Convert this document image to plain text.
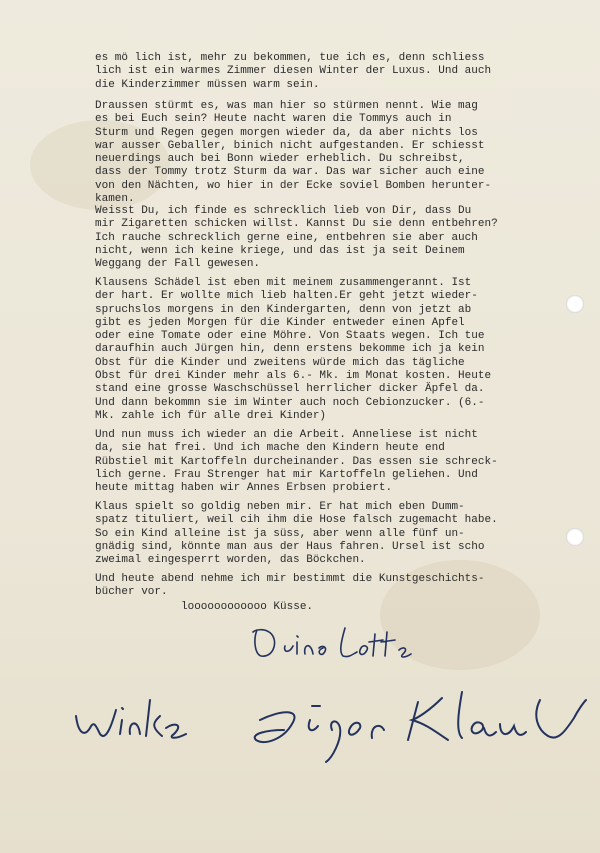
es mö lich ist, mehr zu bekommen, tue ich es, denn schliess
lich ist ein warmes Zimmer diesen Winter der Luxus. Und auch
die Kinderzimmer müssen warm sein.
Draussen stürmt es, was man hier so stürmen nennt. Wie mag
es bei Euch sein? Heute nacht waren die Tommys auch in
Sturm und Regen gegen morgen wieder da, da aber nichts los
war ausser Geballer, binich nicht aufgestanden. Er schiesst
neuerdings auch bei Bonn wieder erheblich. Du schreibst,
dass der Tommy trotz Sturm da war. Das war sicher auch eine
von den Nächten, wo hier in der Ecke soviel Bomben herunter-
kamen.
Weisst Du, ich finde es schrecklich lieb von Dir, dass Du
mir Zigaretten schicken willst. Kannst Du sie denn entbehren?
Ich rauche schrecklich gerne eine, entbehren sie aber auch
nicht, wenn ich keine kriege, und das ist ja seit Deinem
Weggang der Fall gewesen.
Klausens Schädel ist eben mit meinem zusammengerannt. Ist
der hart. Er wollte mich lieb halten.Er geht jetzt wieder-
spruchslos morgens in den Kindergarten, denn von jetzt ab
gibt es jeden Morgen für die Kinder entweder einen Apfel
oder eine Tomate oder eine Möhre. Von Staats wegen. Ich tue
daraufhin auch Jürgen hin, denn erstens bekomme ich ja kein
Obst für die Kinder und zweitens würde mich das tägliche
Obst für drei Kinder mehr als 6.- Mk. im Monat kosten. Heute
stand eine grosse Waschschüssel herrlicher dicker Äpfel da.
Und dann bekommn sie im Winter auch noch Cebionzucker. (6.-
Mk. zahle ich für alle drei Kinder)
Und nun muss ich wieder an die Arbeit. Anneliese ist nicht
da, sie hat frei. Und ich mache den Kindern heute end
Rübstiel mit Kartoffeln durcheinander. Das essen sie schreck-
lich gerne. Frau Strenger hat mir Kartoffeln geliehen. Und
heute mittag haben wir Annes Erbsen probiert.
Klaus spielt so goldig neben mir. Er hat mich eben Dumm-
spatz tituliert, weil cih ihm die Hose falsch zugemacht habe.
So ein Kind alleine ist ja süss, aber wenn alle fünf un-
gnädig sind, könnte man aus der Haus fahren. Ursel ist scho
zweimal eingesperrt worden, das Böckchen.
Und heute abend nehme ich mir bestimmt die Kunstgeschichts-
bücher vor.

loooooooooooo Küsse.
